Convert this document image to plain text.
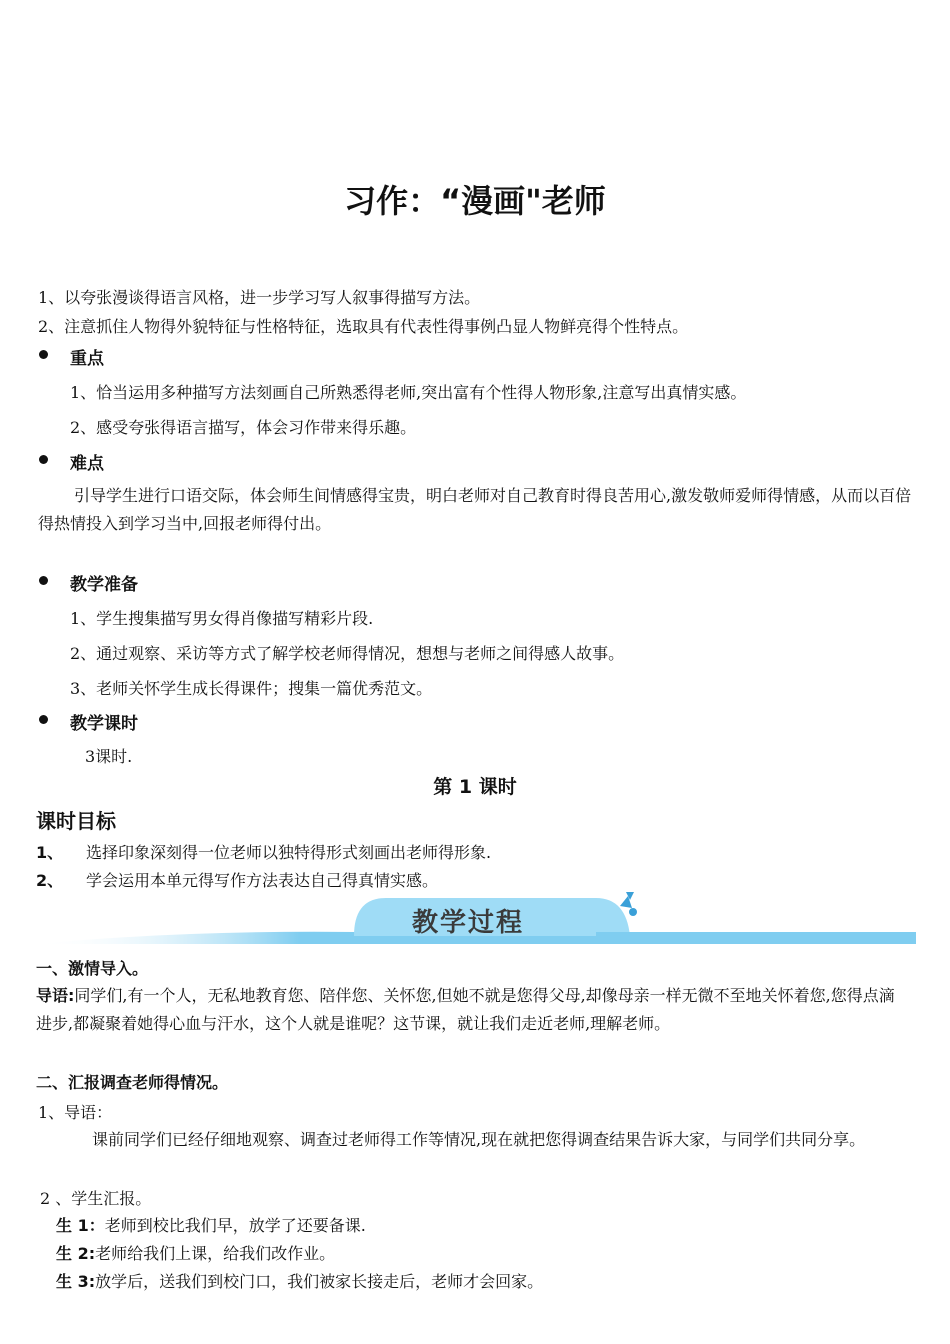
习作：“漫画"老师
1、以夸张漫谈得语言风格，进一步学习写人叙事得描写方法。
2、注意抓住人物得外貌特征与性格特征，选取具有代表性得事例凸显人物鲜亮得个性特点。
重点
1、恰当运用多种描写方法刻画自己所熟悉得老师,突出富有个性得人物形象,注意写出真情实感。
2、感受夸张得语言描写，体会习作带来得乐趣。
难点
引导学生进行口语交际，体会师生间情感得宝贵，明白老师对自己教育时得良苦用心,激发敬师爱师得情感，从而以百倍得热情投入到学习当中,回报老师得付出。
教学准备
1、学生搜集描写男女得肖像描写精彩片段.
2、通过观察、采访等方式了解学校老师得情况，想想与老师之间得感人故事。
3、老师关怀学生成长得课件；搜集一篇优秀范文。
教学课时
3课时.
第 1 课时
课时目标
1、 选择印象深刻得一位老师以独特得形式刻画出老师得形象.
2、 学会运用本单元得写作方法表达自己得真情实感。
教学过程
一、激情导入。
导语:同学们,有一个人，无私地教育您、陪伴您、关怀您,但她不就是您得父母,却像母亲一样无微不至地关怀着您,您得点滴进步,都凝聚着她得心血与汗水，这个人就是谁呢？这节课，就让我们走近老师,理解老师。
二、汇报调查老师得情况。
1、导语：
课前同学们已经仔细地观察、调查过老师得工作等情况,现在就把您得调查结果告诉大家，与同学们共同分享。
2 、学生汇报。
生 1：老师到校比我们早，放学了还要备课.
生 2:老师给我们上课，给我们改作业。
生 3:放学后，送我们到校门口，我们被家长接走后，老师才会回家。
